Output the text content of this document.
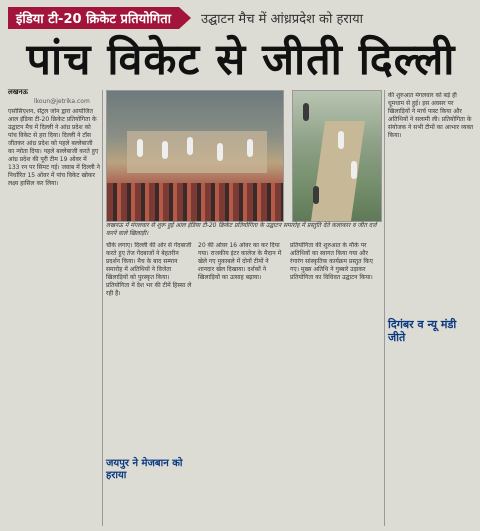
इंडिया टी-20 क्रिकेट प्रतियोगिता	उद्घाटन मैच में आंध्रप्रदेश को हराया
पांच विकेट से जीती दिल्ली
लखनऊ
lkoun@jetrika.com

एसोसिएशन, सेंट्रल जोन द्वारा आयोजित आल इंडिया टी-20 क्रिकेट प्रतियोगिता के उद्घाटन मैच में दिल्ली ने आंध्र प्रदेश को पांच विकेट से हरा दिया। दिल्ली ने टॉस जीतकर आंध्र प्रदेश को पहले बल्लेबाजी का न्योता दिया। पहले बल्लेबाजी करते हुए आंध्र प्रदेश की पूरी टीम 19 ओवर में 133 रन पर सिमट गई। जवाब में दिल्ली ने निर्धारित 15 ओवर में पांच विकेट खोकर लक्ष्य हासिल कर लिया।

लखनऊ में मंगलवार से शुरू हुई आल इंडिया टी-20 क्रिकेट प्रतियोगिता के उद्घाटन समारोह में प्रस्तुति देते कलाकार व जीत दर्ज करने वाले खिलाड़ी।

चौके लगाए। दिल्ली की ओर से गेंदबाजी करते हुए तेज गेंदबाजों ने बेहतरीन प्रदर्शन किया। मैच के बाद सम्मान समारोह में अतिथियों ने विजेता खिलाड़ियों को पुरस्कृत किया। प्रतियोगिता में देश भर की टीमें हिस्सा ले रही हैं।

जयपुर ने मेजबान को हराया

20 की ओवर 16 ओवर का कर दिया गया। राजकीय इंटर कालेज के मैदान में खेले गए मुकाबले में दोनों टीमों ने शानदार खेल दिखाया। दर्शकों ने खिलाड़ियों का उत्साह बढ़ाया।

प्रतियोगिता की शुरुआत के मौके पर अतिथियों का स्वागत किया गया और रंगारंग सांस्कृतिक कार्यक्रम प्रस्तुत किए गए। मुख्य अतिथि ने गुब्बारे उड़ाकर प्रतियोगिता का विधिवत उद्घाटन किया।

की शुरुआत मंगलवार को बड़े ही धूमधाम से हुई। इस अवसर पर खिलाड़ियों ने मार्च पास्ट किया और अतिथियों ने सलामी ली। प्रतियोगिता के संयोजक ने सभी टीमों का आभार व्यक्त किया।

दिगंबर व न्यू मंडी जीते
